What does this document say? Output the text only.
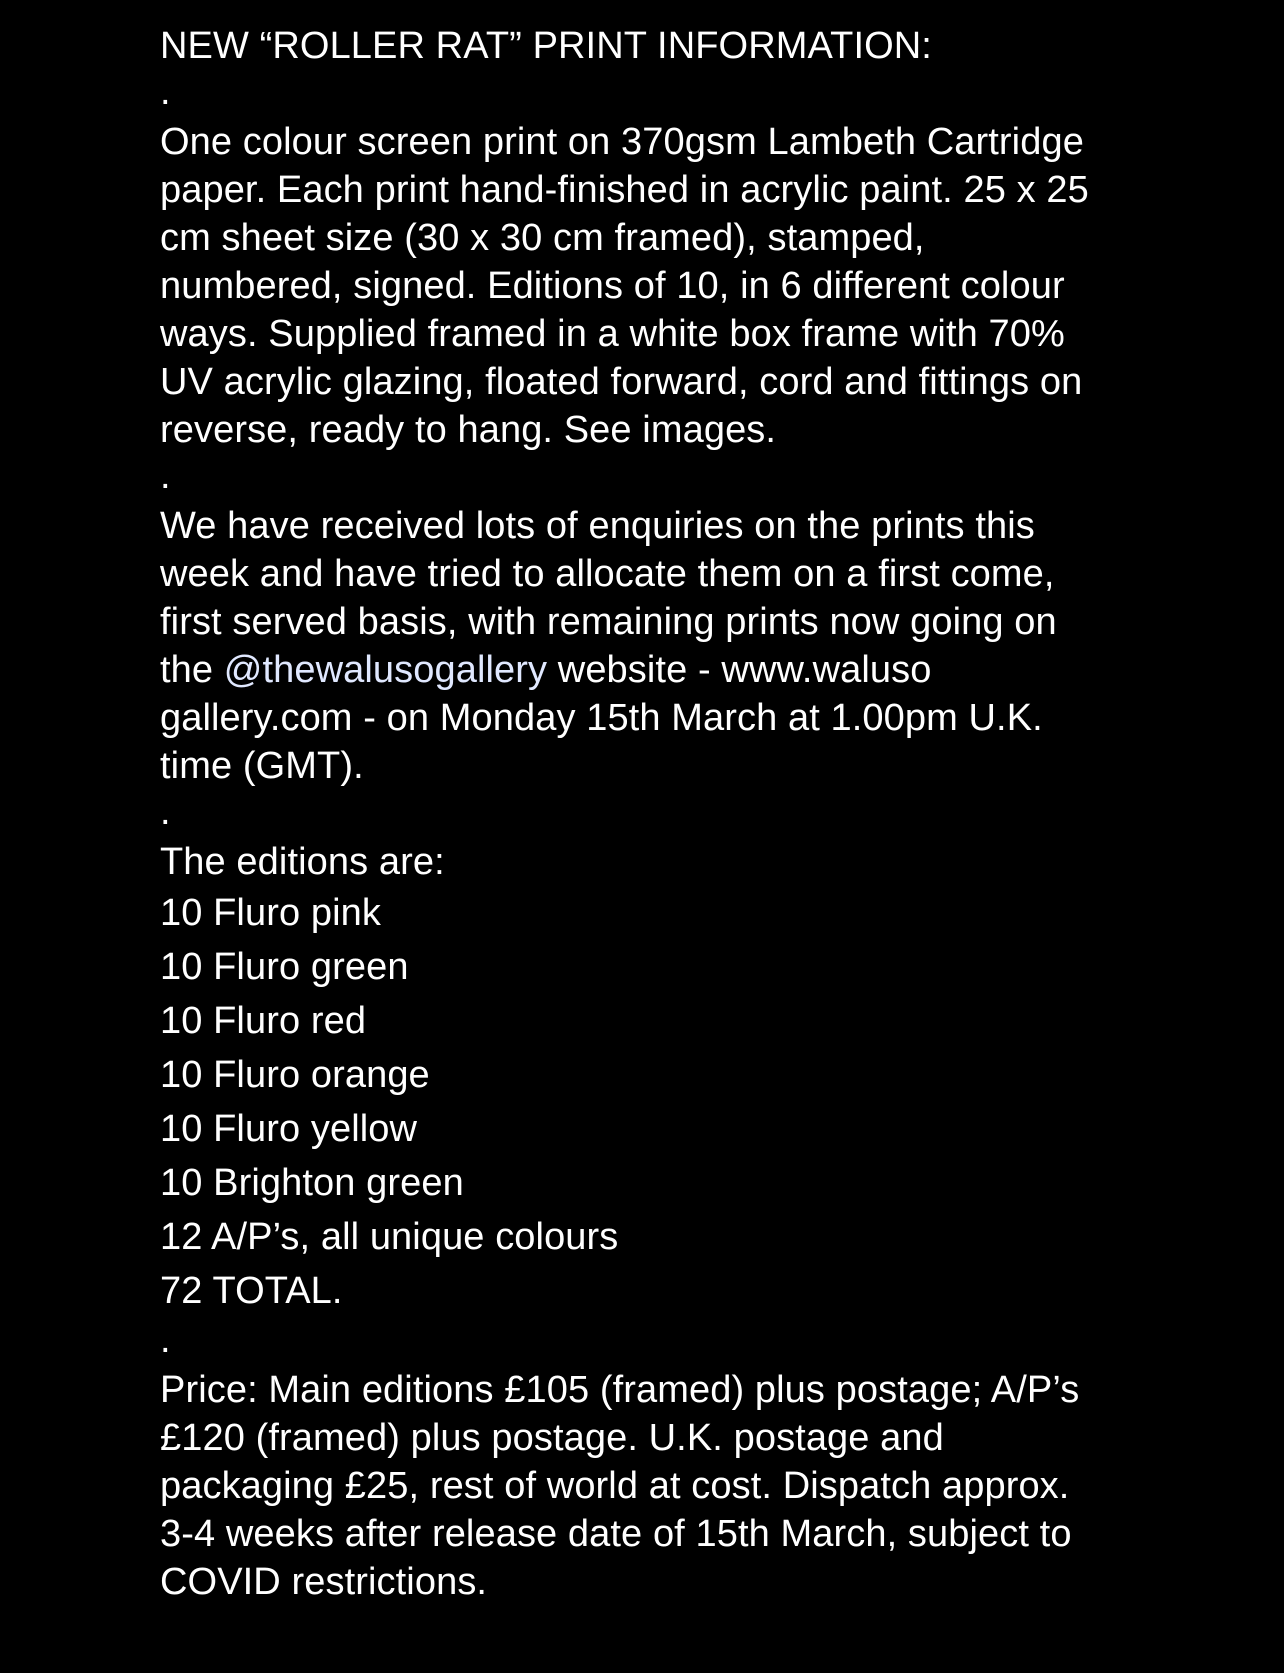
NEW “ROLLER RAT” PRINT INFORMATION:
.
One colour screen print on 370gsm Lambeth Cartridge
paper. Each print hand-finished in acrylic paint. 25 x 25
cm sheet size (30 x 30 cm framed), stamped,
numbered, signed. Editions of 10, in 6 different colour
ways. Supplied framed in a white box frame with 70%
UV acrylic glazing, floated forward, cord and fittings on
reverse, ready to hang. See images.
.
We have received lots of enquiries on the prints this
week and have tried to allocate them on a first come,
first served basis, with remaining prints now going on
the @thewalusogallery website - www.waluso
gallery.com - on Monday 15th March at 1.00pm U.K.
time (GMT).
.
The editions are:
10 Fluro pink
10 Fluro green
10 Fluro red
10 Fluro orange
10 Fluro yellow
10 Brighton green
12 A/P’s, all unique colours
72 TOTAL.
.
Price: Main editions £105 (framed) plus postage; A/P’s
£120 (framed) plus postage. U.K. postage and
packaging £25, rest of world at cost. Dispatch approx.
3-4 weeks after release date of 15th March, subject to
COVID restrictions.
